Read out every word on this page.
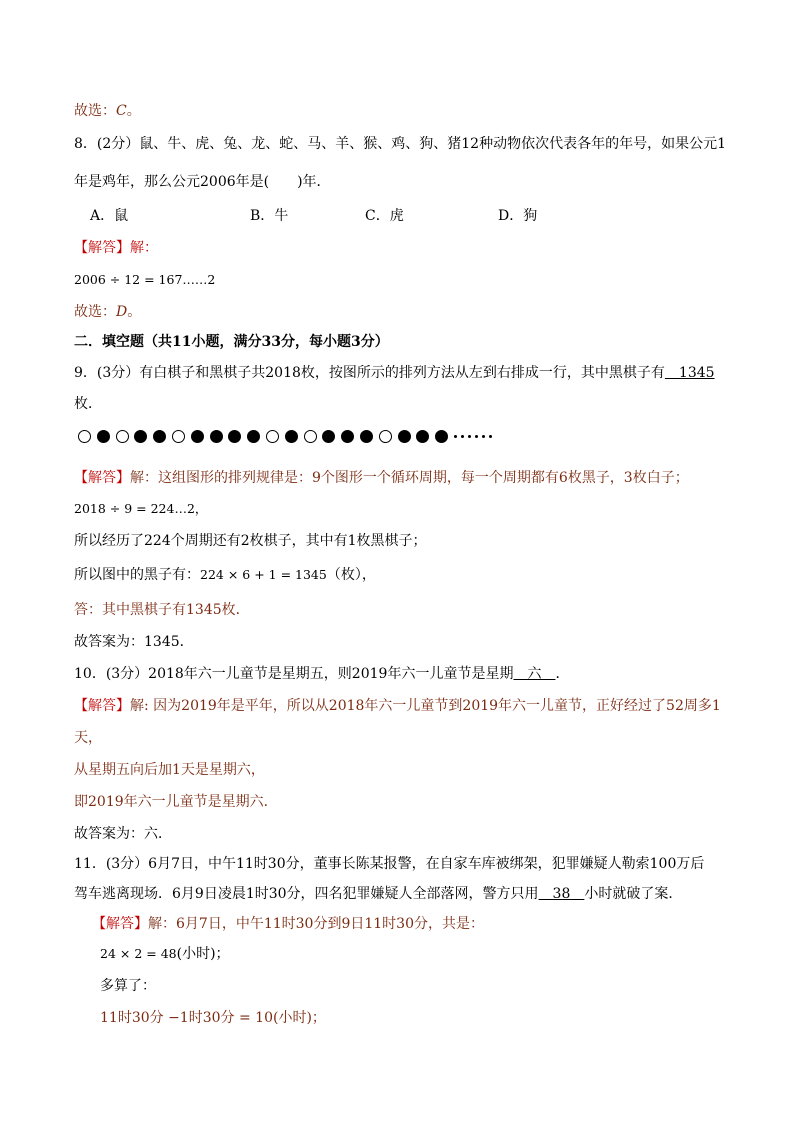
故选：C。
8．(2分）鼠、牛、虎、兔、龙、蛇、马、羊、猴、鸡、狗、猪12种动物依次代表各年的年号，如果公元1
年是鸡年，那么公元2006年是(　　)年．
A．鼠	B．牛	C．虎	D．狗
【解答】解：
2006 ÷ 12 = 167……2
故选：D。
二．填空题（共11小题，满分33分，每小题3分）
9．(3分）有白棋子和黑棋子共2018枚，按图所示的排列方法从左到右排成一行，其中黑棋子有　1345
枚．
【解答】解：这组图形的排列规律是：9个图形一个循环周期，每一个周期都有6枚黑子，3枚白子；
2018 ÷ 9 = 224…2，
所以经历了224个周期还有2枚棋子，其中有1枚黑棋子；
所以图中的黑子有：224 × 6 + 1 = 1345（枚），
答：其中黑棋子有1345枚．
故答案为：1345．
10．(3分）2018年六一儿童节是星期五，则2019年六一儿童节是星期　六　．
【解答】解: 因为2019年是平年，所以从2018年六一儿童节到2019年六一儿童节，正好经过了52周多1
天，
从星期五向后加1天是星期六，
即2019年六一儿童节是星期六．
故答案为：六．
11．(3分）6月7日，中午11时30分，董事长陈某报警，在自家车库被绑架，犯罪嫌疑人勒索100万后
驾车逃离现场．6月9日凌晨1时30分，四名犯罪嫌疑人全部落网，警方只用　38　小时就破了案．
【解答】解：6月7日，中午11时30分到9日11时30分，共是：
24 × 2 = 48(小时)；
多算了：
11时30分 −1时30分 = 10(小时)；
